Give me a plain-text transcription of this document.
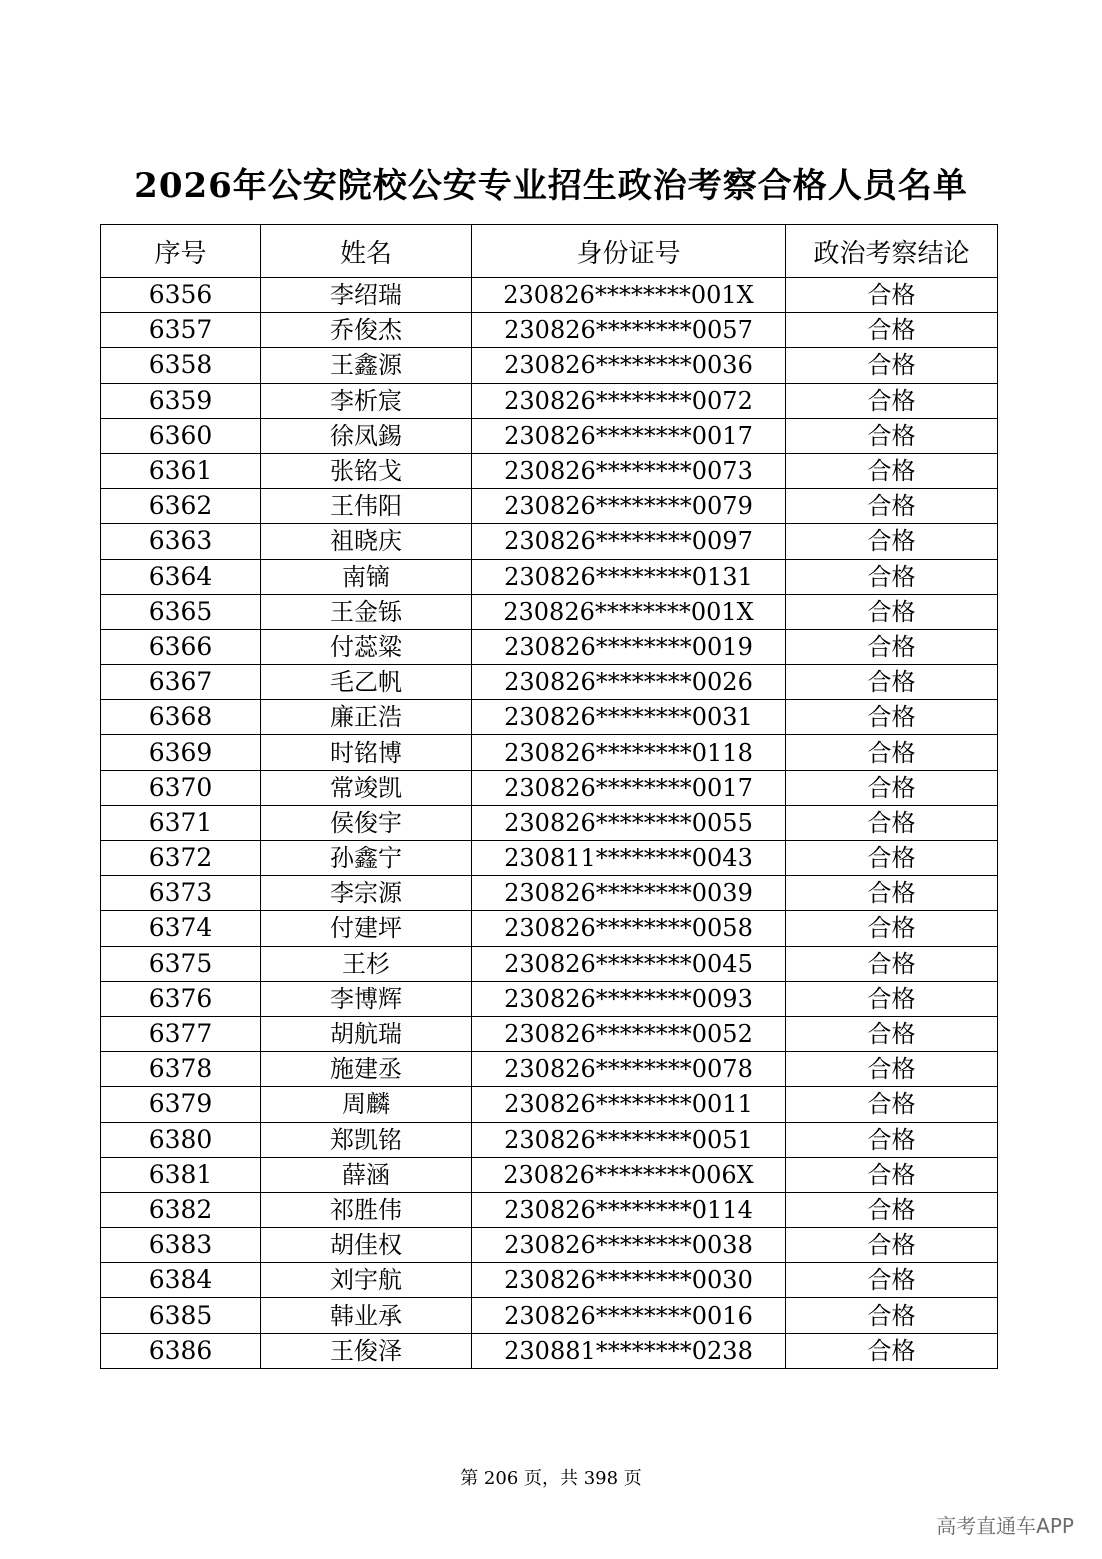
2026年公安院校公安专业招生政治考察合格人员名单
序号	姓名	身份证号	政治考察结论
6356	李绍瑞	230826********001X	合格
6357	乔俊杰	230826********0057	合格
6358	王鑫源	230826********0036	合格
6359	李析宸	230826********0072	合格
6360	徐凤錫	230826********0017	合格
6361	张铭戈	230826********0073	合格
6362	王伟阳	230826********0079	合格
6363	祖晓庆	230826********0097	合格
6364	南镝	230826********0131	合格
6365	王金铄	230826********001X	合格
6366	付蕊粱	230826********0019	合格
6367	毛乙帆	230826********0026	合格
6368	廉正浩	230826********0031	合格
6369	时铭博	230826********0118	合格
6370	常竣凯	230826********0017	合格
6371	侯俊宇	230826********0055	合格
6372	孙鑫宁	230811********0043	合格
6373	李宗源	230826********0039	合格
6374	付建坪	230826********0058	合格
6375	王杉	230826********0045	合格
6376	李博辉	230826********0093	合格
6377	胡航瑞	230826********0052	合格
6378	施建丞	230826********0078	合格
6379	周麟	230826********0011	合格
6380	郑凯铭	230826********0051	合格
6381	薛涵	230826********006X	合格
6382	祁胜伟	230826********0114	合格
6383	胡佳权	230826********0038	合格
6384	刘宇航	230826********0030	合格
6385	韩业承	230826********0016	合格
6386	王俊泽	230881********0238	合格
第 206 页，共 398 页
高考直通车APP
